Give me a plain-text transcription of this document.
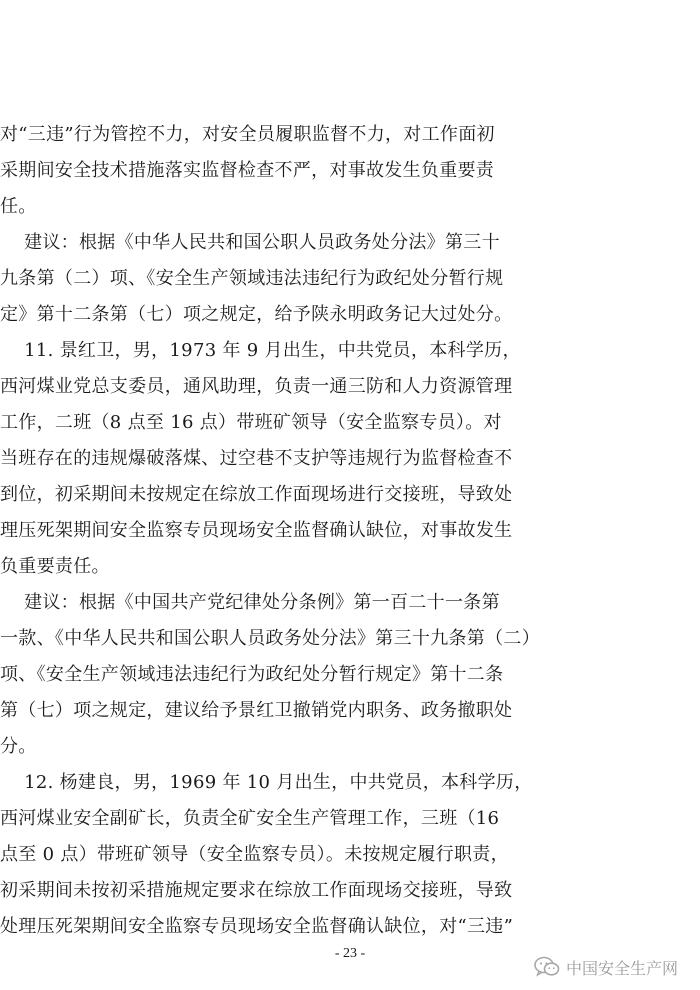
对“三违”行为管控不力，对安全员履职监督不力，对工作面初
采期间安全技术措施落实监督检查不严，对事故发生负重要责
任。
建议：根据《中华人民共和国公职人员政务处分法》第三十
九条第（二）项、《安全生产领域违法违纪行为政纪处分暂行规
定》第十二条第（七）项之规定，给予陕永明政务记大过处分。
11. 景红卫，男，1973 年 9 月出生，中共党员，本科学历，
西河煤业党总支委员，通风助理，负责一通三防和人力资源管理
工作，二班（8 点至 16 点）带班矿领导（安全监察专员）。对
当班存在的违规爆破落煤、过空巷不支护等违规行为监督检查不
到位，初采期间未按规定在综放工作面现场进行交接班，导致处
理压死架期间安全监察专员现场安全监督确认缺位，对事故发生
负重要责任。
建议：根据《中国共产党纪律处分条例》第一百二十一条第
一款、《中华人民共和国公职人员政务处分法》第三十九条第（二）
项、《安全生产领域违法违纪行为政纪处分暂行规定》第十二条
第（七）项之规定，建议给予景红卫撤销党内职务、政务撤职处
分。
12. 杨建良，男，1969 年 10 月出生，中共党员，本科学历，
西河煤业安全副矿长，负责全矿安全生产管理工作，三班（16
点至 0 点）带班矿领导（安全监察专员）。未按规定履行职责，
初采期间未按初采措施规定要求在综放工作面现场交接班，导致
处理压死架期间安全监察专员现场安全监督确认缺位，对“三违”
- 23 -
中国安全生产网
